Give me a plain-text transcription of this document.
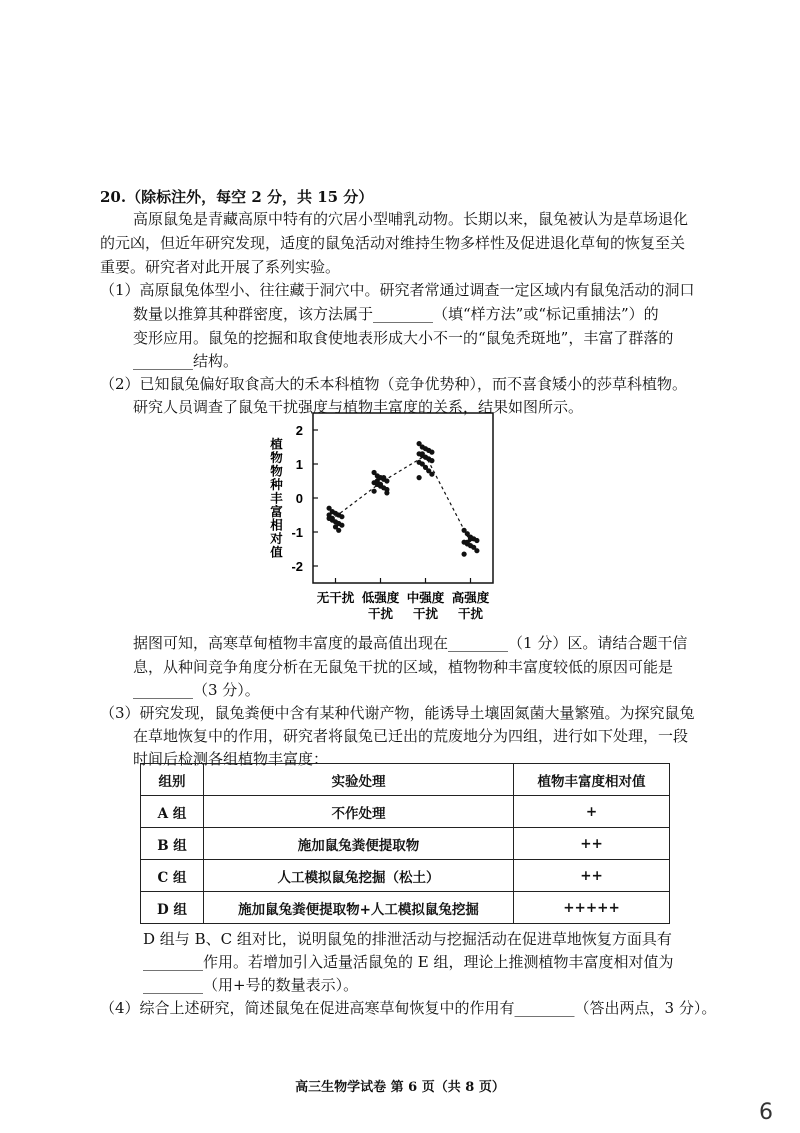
20.（除标注外，每空 2 分，共 15 分）
高原鼠兔是青藏高原中特有的穴居小型哺乳动物。长期以来，鼠兔被认为是草场退化
的元凶，但近年研究发现，适度的鼠兔活动对维持生物多样性及促进退化草甸的恢复至关
重要。研究者对此开展了系列实验。
（1）高原鼠兔体型小、往往藏于洞穴中。研究者常通过调查一定区域内有鼠兔活动的洞口
数量以推算其种群密度，该方法属于________（填“样方法”或“标记重捕法”）的
变形应用。鼠兔的挖掘和取食使地表形成大小不一的“鼠兔秃斑地”，丰富了群落的
________结构。
（2）已知鼠兔偏好取食高大的禾本科植物（竞争优势种），而不喜食矮小的莎草科植物。
研究人员调查了鼠兔干扰强度与植物丰富度的关系，结果如图所示。
2
1
0
-1
-2
无干扰 低强度
干扰
中强度
干扰
高强度
干扰
植物物种丰富相对值
据图可知，高寒草甸植物丰富度的最高值出现在________（1 分）区。请结合题干信
息，从种间竞争角度分析在无鼠兔干扰的区域，植物物种丰富度较低的原因可能是
________（3 分）。
（3）研究发现，鼠兔粪便中含有某种代谢产物，能诱导土壤固氮菌大量繁殖。为探究鼠兔
在草地恢复中的作用，研究者将鼠兔已迁出的荒废地分为四组，进行如下处理，一段
时间后检测各组植物丰富度：
组别	实验处理	植物丰富度相对值
A 组	不作处理	+
B 组	施加鼠兔粪便提取物	++
C 组	人工模拟鼠兔挖掘（松土）	++
D 组	施加鼠兔粪便提取物+人工模拟鼠兔挖掘	+++++
D 组与 B、C 组对比，说明鼠兔的排泄活动与挖掘活动在促进草地恢复方面具有
________作用。若增加引入适量活鼠兔的 E 组，理论上推测植物丰富度相对值为
________（用+号的数量表示）。
（4）综合上述研究，简述鼠兔在促进高寒草甸恢复中的作用有________（答出两点，3 分）。
高三生物学试卷 第 6 页（共 8 页）
6
